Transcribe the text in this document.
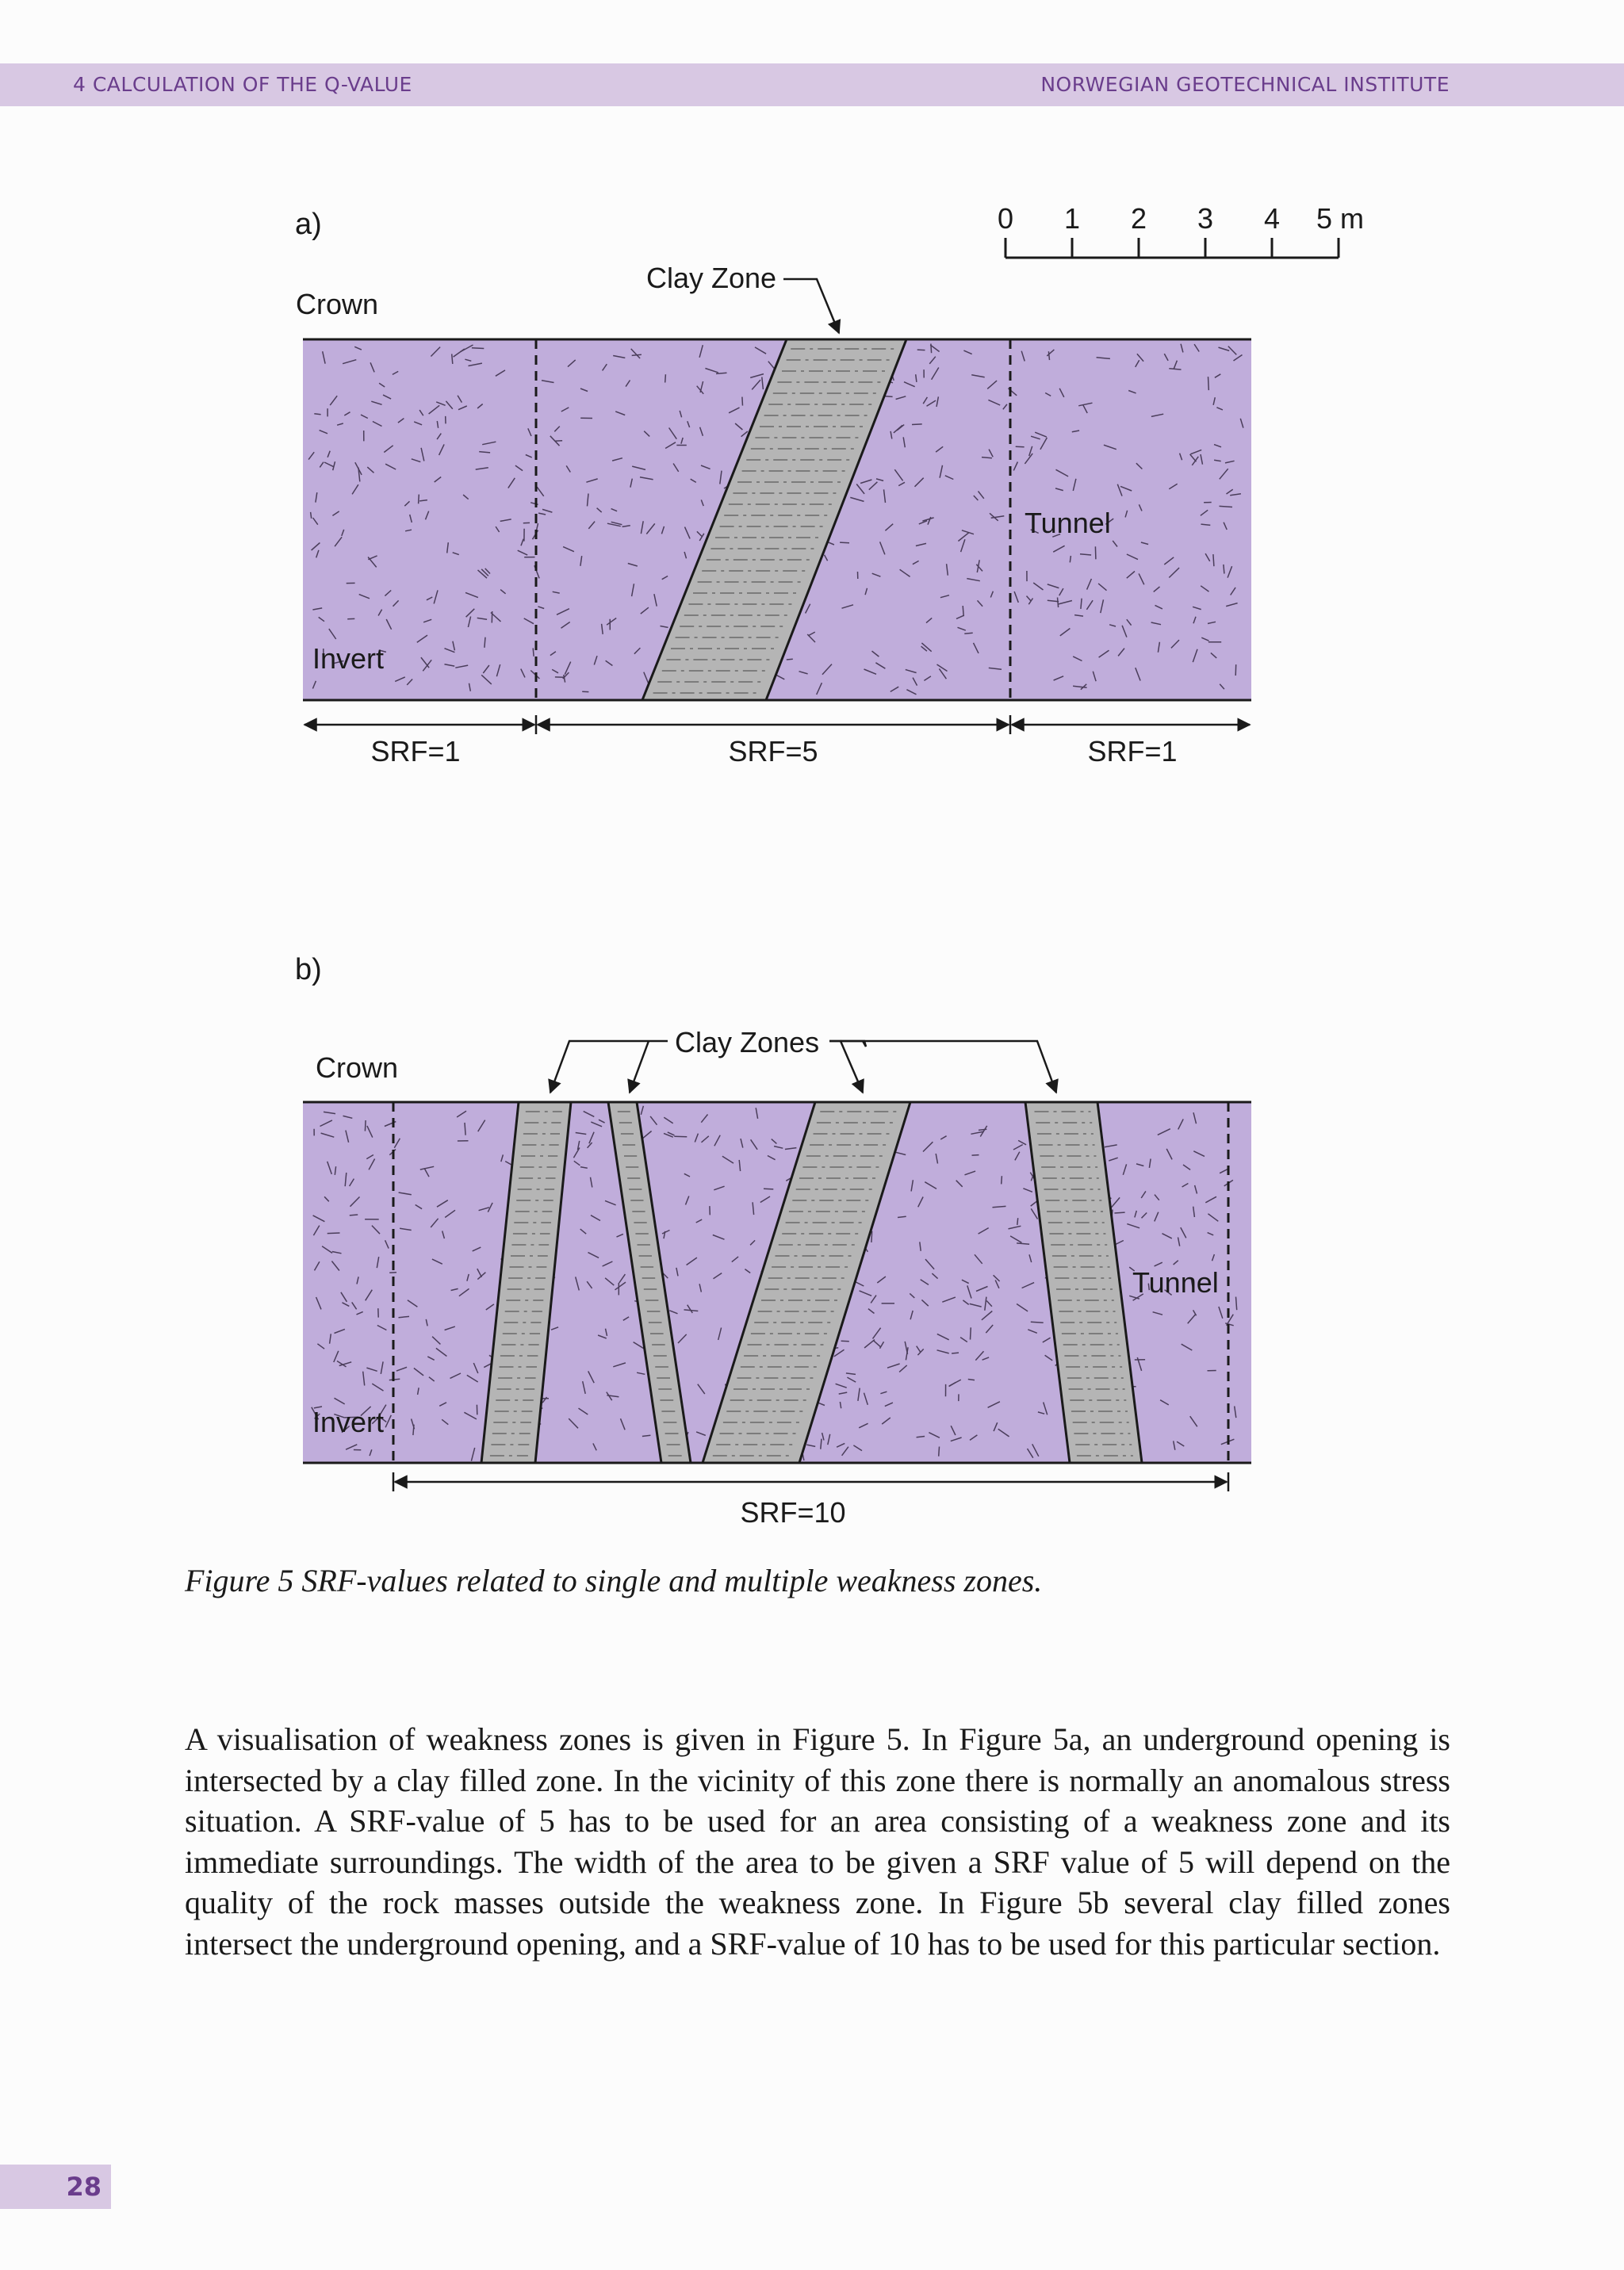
4 CALCULATION OF THE Q-VALUE	NORWEGIAN GEOTECHNICAL INSTITUTE
a)	0 1 2 3 4 5 m
Crown
Clay Zone
Tunnel
Invert
SRF=1	SRF=5	SRF=1
b)
Crown
Clay Zones
Tunnel
Invert
SRF=10
Figure 5 SRF-values related to single and multiple weakness zones.

A visualisation of weakness zones is given in Figure 5. In Figure 5a, an underground opening is intersected by a clay filled zone. In the vicinity of this zone there is normally an anomalous stress situation. A SRF-value of 5 has to be used for an area consisting of a weakness zone and its immediate surroundings. The width of the area to be given a SRF value of 5 will depend on the quality of the rock masses outside the weakness zone. In Figure 5b several clay filled zones intersect the underground opening, and a SRF-value of 10 has to be used for this particular section.

28
